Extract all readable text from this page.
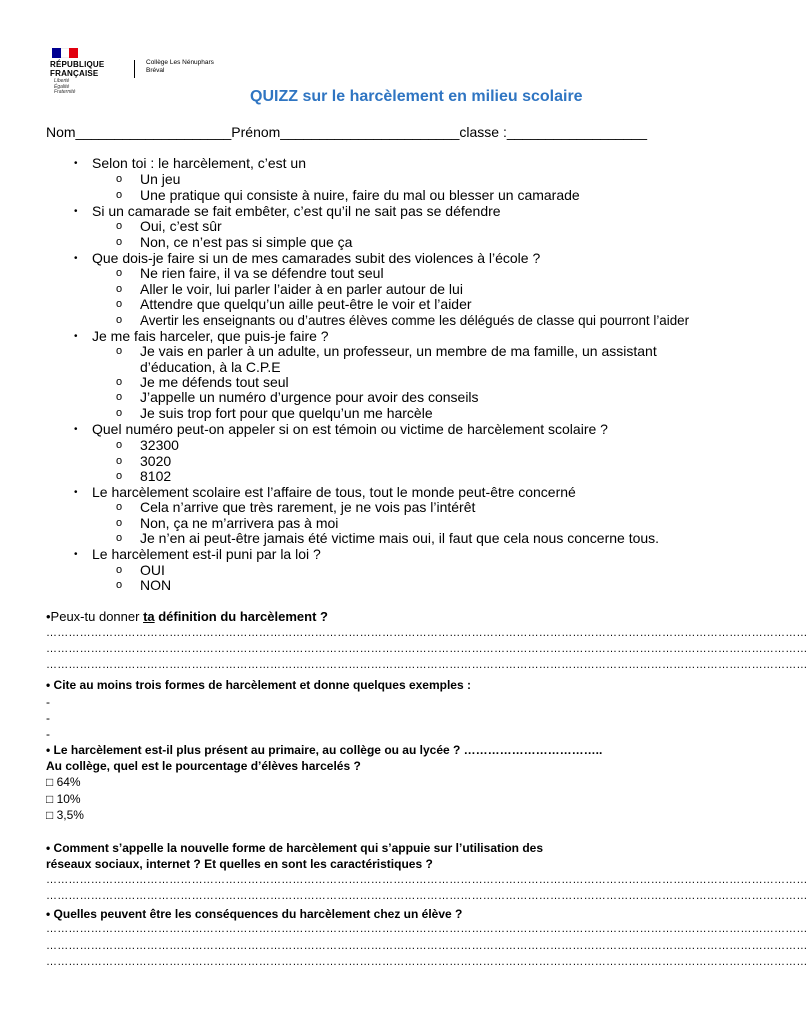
RÉPUBLIQUE
FRANÇAISE
Liberté
Égalité
Fraternité
Collège Les Nénuphars
Bréval
QUIZZ sur le harcèlement en milieu scolaire
Nom____________________Prénom_______________________classe :__________________
• Selon toi : le harcèlement, c’est un
o Un jeu
o Une pratique qui consiste à nuire, faire du mal ou blesser un camarade
• Si un camarade se fait embêter, c’est qu’il ne sait pas se défendre
o Oui, c’est sûr
o Non, ce n’est pas si simple que ça
• Que dois-je faire si un de mes camarades subit des violences à l’école ?
o Ne rien faire, il va se défendre tout seul
o Aller le voir, lui parler l’aider à en parler autour de lui
o Attendre que quelqu’un aille peut-être le voir et l’aider
o Avertir les enseignants ou d’autres élèves comme les délégués de classe qui pourront l’aider
• Je me fais harceler, que puis-je faire ?
o Je vais en parler à un adulte, un professeur, un membre de ma famille, un assistant
d’éducation, à la C.P.E
o Je me défends tout seul
o J’appelle un numéro d’urgence pour avoir des conseils
o Je suis trop fort pour que quelqu’un me harcèle
• Quel numéro peut-on appeler si on est témoin ou victime de harcèlement scolaire ?
o 32300
o 3020
o 8102
• Le harcèlement scolaire est l’affaire de tous, tout le monde peut-être concerné
o Cela n’arrive que très rarement, je ne vois pas l’intérêt
o Non, ça ne m’arrivera pas à moi
o Je n’en ai peut-être jamais été victime mais oui, il faut que cela nous concerne tous.
• Le harcèlement est-il puni par la loi ?
o OUI
o NON
•Peux-tu donner ta définition du harcèlement ?
……………………………………………………………………………………………………………………………………………………………………………………
……………………………………………………………………………………………………………………………………………………………………………………
……………………………………………………………………………………………………………………………………………………………………………………
• Cite au moins trois formes de harcèlement et donne quelques exemples :
-
-
-
• Le harcèlement est-il plus présent au primaire, au collège ou au lycée ? ……………………………..
Au collège, quel est le pourcentage d’élèves harcelés ?
□ 64%
□ 10%
□ 3,5%
• Comment s’appelle la nouvelle forme de harcèlement qui s’appuie sur l’utilisation des
réseaux sociaux, internet ? Et quelles en sont les caractéristiques ?
……………………………………………………………………………………………………………………………………………………………………………………
……………………………………………………………………………………………………………………………………………………………………………………
• Quelles peuvent être les conséquences du harcèlement chez un élève ?
……………………………………………………………………………………………………………………………………………………………………………………
……………………………………………………………………………………………………………………………………………………………………………………
……………………………………………………………………………………………………………………………………………………………………………………
